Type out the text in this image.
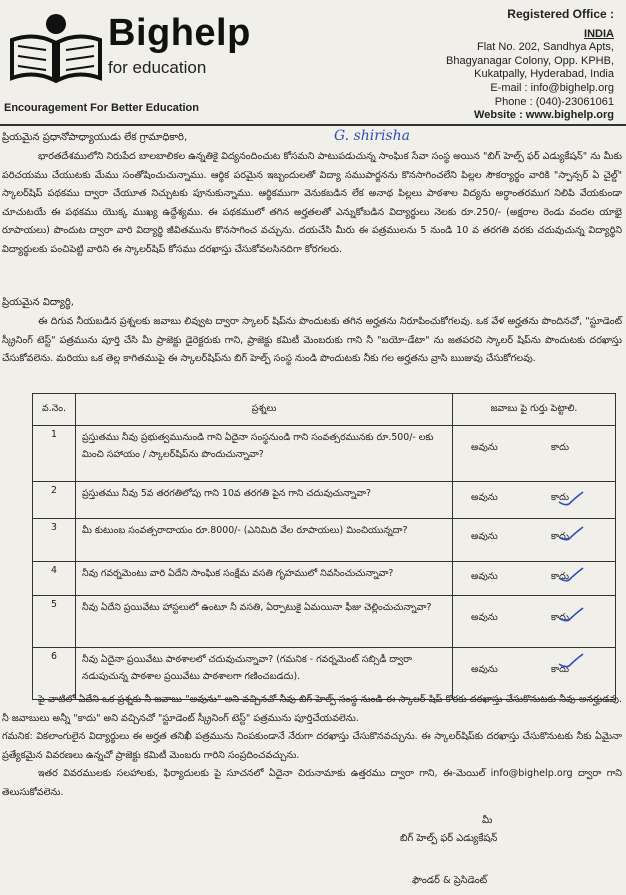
Bighelp
for education
Encouragement For Better Education
Registered Office :
INDIA
Flat No. 202, Sandhya Apts,
Bhagyanagar Colony, Opp. KPHB,
Kukatpally, Hyderabad, India
E-mail : info@bighelp.org
Phone : (040)-23061061
Website : www.bighelp.org
ప్రియమైన ప్రధానోపాధ్యాయుడు లేక గ్రామాధికారి,	G. shirisha
భారతదేశములోని నిరుపేద బాలబాలికల ఉన్నతికై విద్యనందించుట కోసమని పాటుపడుచున్న సాంఘిక సేవా సంస్థ అయిన "బిగ్ హెల్ప్ ఫర్ ఎడ్యుకేషన్" ను మీకు పరిచయము చేయుటకు మేము సంతోషించుచున్నాము. ఆర్థిక పరమైన ఇబ్బందులతో విద్యా సముపార్జనను కొనసాగించలేని పిల్లల సౌకర్యార్థం వారికి "స్పాన్సర్ ఏ చైల్డ్" స్కాలర్‌షిప్ పథకము ద్వారా చేయూత నిచ్చుటకు పూనుకున్నాము. ఆర్థికముగా వెనుకబడిన లేక అనాథ పిల్లలు పాఠశాల విద్యను అర్ధాంతరముగ నిలిపి వేయకుండా చూచుటయే ఈ పథకము యొక్క ముఖ్య ఉద్దేశ్యము. ఈ పథకములో తగిన అర్హతలతో ఎన్నుకోబడిన విద్యార్థులు నెలకు రూ.250/- (అక్షరాల రెండు వందల యాభై రూపాయలు) పొందుట ద్వారా వారి విద్యార్థి జీవితమును కొనసాగించ వచ్చును. దయచేసి మీరు ఈ పత్రములను 5 నుండి 10 వ తరగతి వరకు చదువుచున్న విద్యార్థిని విద్యార్థులకు పంచిపెట్టి వారిని ఈ స్కాలర్‌షిప్ కోసము దరఖాస్తు చేసుకోవలసినదిగా కోరగలరు.
ప్రియమైన విద్యార్థి,
ఈ దిగువ నీయబడిన ప్రశ్నలకు జవాబు లివ్వుట ద్వారా స్కాలర్ షిప్‌ను పొందుటకు తగిన అర్హతను నిరూపించుకోగలవు. ఒక వేళ అర్హతను పొందినచో, "స్టూడెంట్ స్క్రీనింగ్ టెస్ట్" పత్రమును పూర్తి చేసి మీ ప్రాజెక్టు డైరెక్టరుకు గాని, ప్రాజెక్టు కమిటీ మెంబరుకు గాని నీ "బయో-డేటా" ను జతపరచి స్కాలర్ షిప్‌ను పొందుటకు దరఖాస్తు చేసుకోవలెను. మరియు ఒక తెల్ల కాగితముపై ఈ స్కాలర్‌షిప్‌ను బిగ్ హెల్ప్ సంస్థ నుండి పొందుటకు నీకు గల అర్హతను వ్రాసి ఋజువు చేసుకోగలవు.
వ.నెం.	ప్రశ్నలు	జవాబు పై గుర్తు పెట్టాలి.
1	ప్రస్తుతము నీవు ప్రభుత్వమునుండి గాని ఏదైనా సంస్థనుండి గాని సంవత్సరమునకు రూ.500/- లకు మించి సహాయం / స్కాలర్‌షిప్‌ను పొందుచున్నావా?	అవును కాదు

2	ప్రస్తుతము నీవు 5వ తరగతిలోపు గాని 10వ తరగతి పైన గాని చదువుచున్నావా?	అవును కాదు

3	మీ కుటుంబ సంవత్సరాదాయం రూ.8000/- (ఎనిమిది వేల రూపాయలు) మించియున్నదా?	అవును కాదు

4	నీవు గవర్నమెంటు వారి ఏదేని సాంఘిక సంక్షేమ వసతి గృహములో నివసించుచున్నావా?	అవును కాదు

5	నీవు ఏదేని ప్రయివేటు హాస్టలులో ఉంటూ నీ వసతి, ఏర్పాటుకై ఏమయినా ఫీజు చెల్లించుచున్నావా?	అవును కాదు

6	నీవు ఏదైనా ప్రయివేటు పాఠశాలలో చదువుచున్నావా? (గమనిక - గవర్నమెంట్ సబ్సిడీ ద్వారా నడుపుచున్న పాఠశాల ప్రయివేటు పాఠశాలగా గణించబడదు).	అవును కాదు
పై వాటిలో ఏదేని ఒక ప్రశ్నకు నీ జవాబు "అవును" అని వచ్చినచో నీవు బిగ్ హెల్ప్ సంస్థ నుండి ఈ స్కాలర్ షిప్ కొరకు దరఖాస్తు చేసుకొనుటకు నీవు అనర్హుడవు. నీ జవాబులు అన్నీ "కాదు" అని వచ్చినచో "స్టూడెంట్ స్క్రీనింగ్ టెస్ట్" పత్రమును పూర్తిచేయవలెను.
గమనిక: వికలాంగులైన విద్యార్థులు ఈ అర్హత తనిఖీ పత్రమును నింపకుండానే నేరుగా దరఖాస్తు చేసుకొనవచ్చును. ఈ స్కాలర్‌షిప్‌కు దరఖాస్తు చేసుకొనుటకు నీకు ఏమైనా ప్రత్యేకమైన వివరణలు ఉన్నచో ప్రాజెక్టు కమిటీ మెంబరు గారిని సంప్రదించవచ్చును.
ఇతర వివరములకు సలహాలకు, ఫిర్యాదులకు పై సూచనలో ఏదైనా చిరునామాకు ఉత్తరము ద్వారా గాని, ఈ-మెయిల్ info@bighelp.org ద్వారా గాని తెలుసుకోవలెను.
మీ
బిగ్ హెల్ప్ ఫర్ ఎడ్యుకేషన్
ఫౌండర్ & ప్రెసిడెంట్
